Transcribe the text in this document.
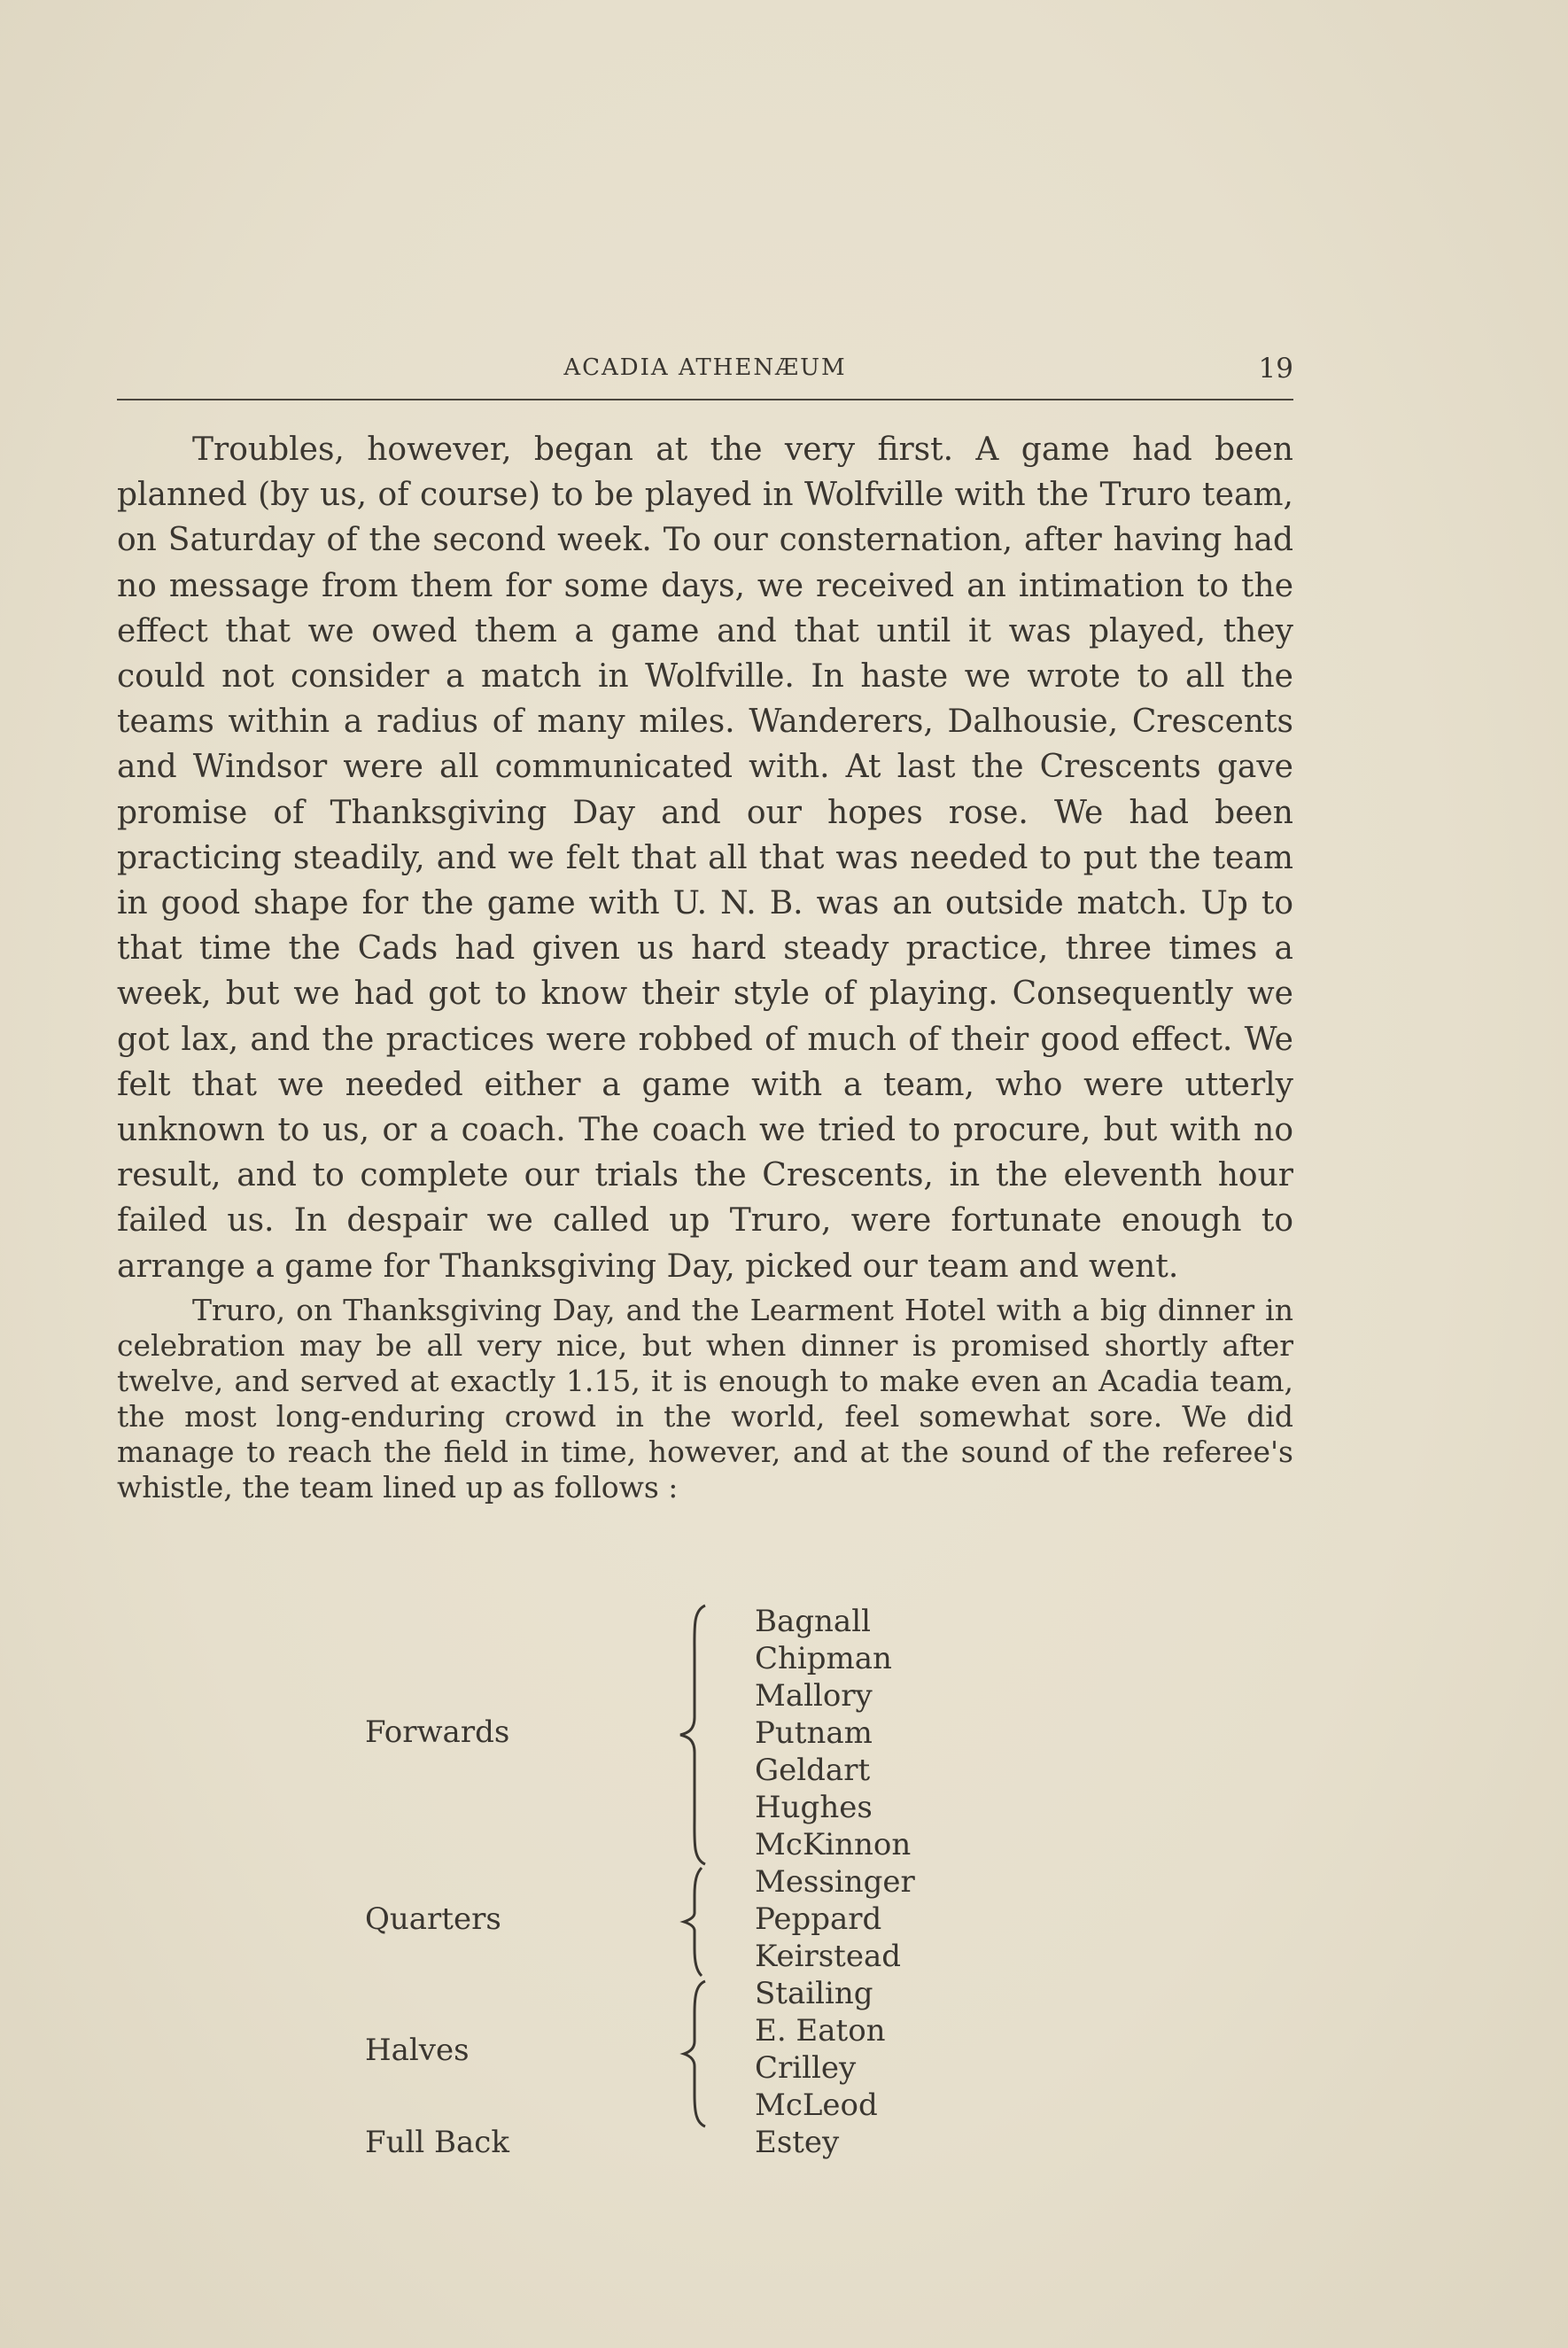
ACADIA ATHENÆUM	19

Troubles, however, began at the very first. A game had been planned (by us, of course) to be played in Wolfville with the Truro team, on Saturday of the second week. To our consternation, after having had no message from them for some days, we received an intimation to the effect that we owed them a game and that until it was played, they could not consider a match in Wolfville. In haste we wrote to all the teams within a radius of many miles. Wanderers, Dalhousie, Crescents and Windsor were all communicated with. At last the Crescents gave promise of Thanksgiving Day and our hopes rose. We had been practicing steadily, and we felt that all that was needed to put the team in good shape for the game with U. N. B. was an outside match. Up to that time the Cads had given us hard steady practice, three times a week, but we had got to know their style of playing. Consequently we got lax, and the practices were robbed of much of their good effect. We felt that we needed either a game with a team, who were utterly unknown to us, or a coach. The coach we tried to procure, but with no result, and to complete our trials the Crescents, in the eleventh hour failed us. In despair we called up Truro, were fortunate enough to arrange a game for Thanksgiving Day, picked our team and went.

Truro, on Thanksgiving Day, and the Learment Hotel with a big dinner in celebration may be all very nice, but when dinner is promised shortly after twelve, and served at exactly 1.15, it is enough to make even an Acadia team, the most long-enduring crowd in the world, feel somewhat sore. We did manage to reach the field in time, however, and at the sound of the referee's whistle, the team lined up as follows :

Forwards
Bagnall
Chipman
Mallory
Putnam
Geldart
Hughes
McKinnon
Quarters
Messinger
Peppard
Keirstead
Halves
Stailing
E. Eaton
Crilley
McLeod
Full Back	Estey
